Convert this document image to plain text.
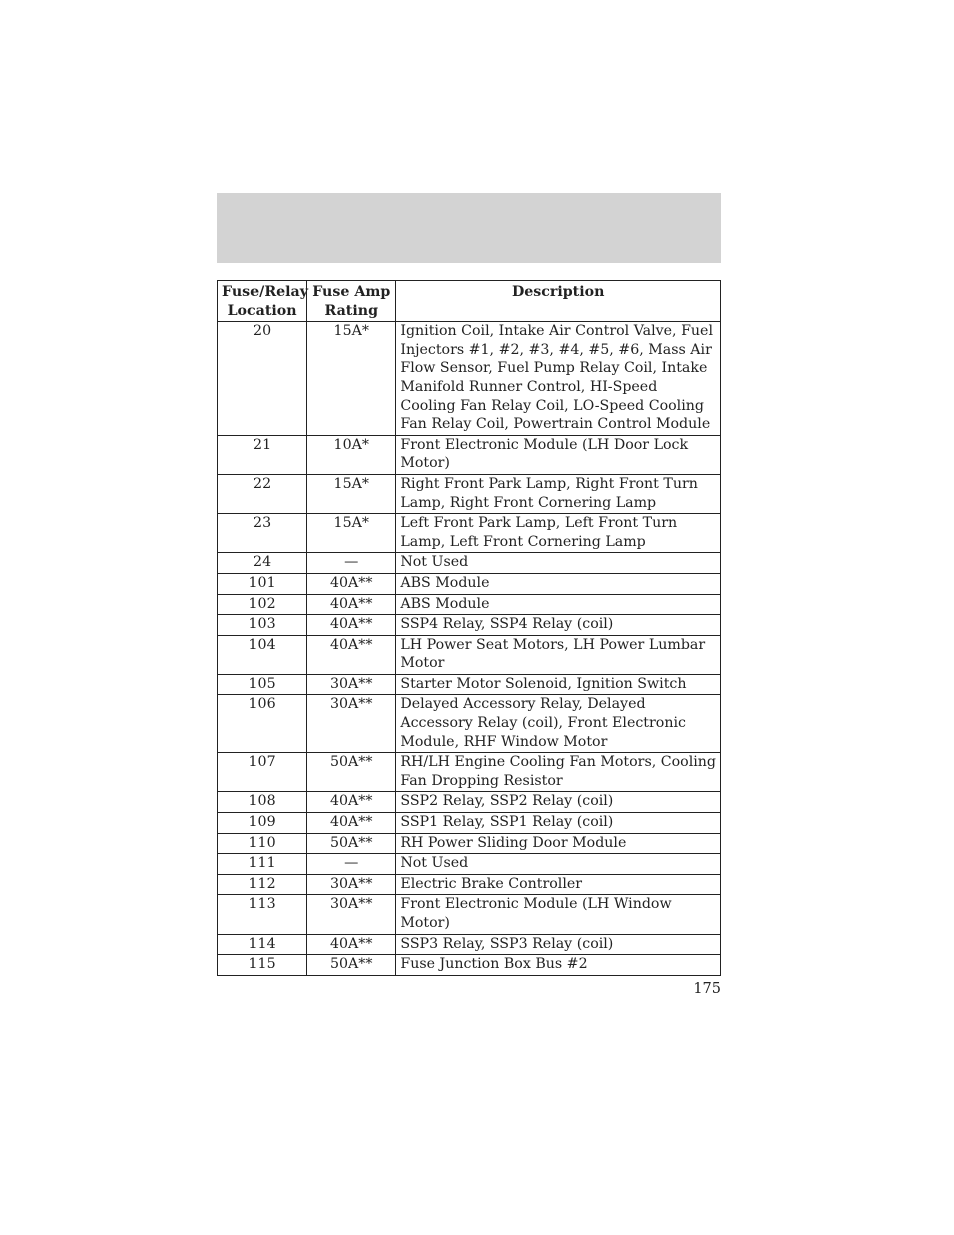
Fuse/Relay Location	Fuse Amp Rating	Description
20	15A*	Ignition Coil, Intake Air Control Valve, Fuel Injectors #1, #2, #3, #4, #5, #6, Mass Air Flow Sensor, Fuel Pump Relay Coil, Intake Manifold Runner Control, HI-Speed Cooling Fan Relay Coil, LO-Speed Cooling Fan Relay Coil, Powertrain Control Module
21	10A*	Front Electronic Module (LH Door Lock Motor)
22	15A*	Right Front Park Lamp, Right Front Turn Lamp, Right Front Cornering Lamp
23	15A*	Left Front Park Lamp, Left Front Turn Lamp, Left Front Cornering Lamp
24	—	Not Used
101	40A**	ABS Module
102	40A**	ABS Module
103	40A**	SSP4 Relay, SSP4 Relay (coil)
104	40A**	LH Power Seat Motors, LH Power Lumbar Motor
105	30A**	Starter Motor Solenoid, Ignition Switch
106	30A**	Delayed Accessory Relay, Delayed Accessory Relay (coil), Front Electronic Module, RHF Window Motor
107	50A**	RH/LH Engine Cooling Fan Motors, Cooling Fan Dropping Resistor
108	40A**	SSP2 Relay, SSP2 Relay (coil)
109	40A**	SSP1 Relay, SSP1 Relay (coil)
110	50A**	RH Power Sliding Door Module
111	—	Not Used
112	30A**	Electric Brake Controller
113	30A**	Front Electronic Module (LH Window Motor)
114	40A**	SSP3 Relay, SSP3 Relay (coil)
115	50A**	Fuse Junction Box Bus #2
175
